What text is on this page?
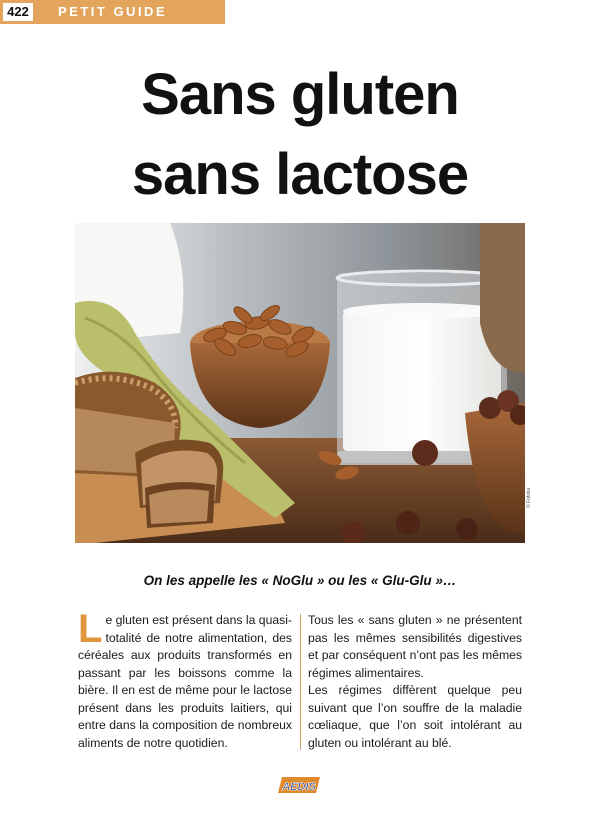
422	PETIT GUIDE
Sans gluten
sans lactose
© Fotolia
On les appelle les « NoGlu » ou les « Glu-Glu »…
L e gluten est présent dans la quasi-totalité de notre alimentation, des céréales aux produits transformés en passant par les boissons comme la bière. Il en est de même pour le lactose présent dans les produits laitiers, qui entre dans la composition de nombreux aliments de notre quotidien.

Tous les « sans gluten » ne présentent pas les mêmes sensibilités digestives et par conséquent n’ont pas les mêmes régimes alimentaires.

Les régimes diffèrent quelque peu suivant que l’on souffre de la maladie cœliaque, que l’on soit intolérant au gluten ou intolérant au blé.

AEDIS
